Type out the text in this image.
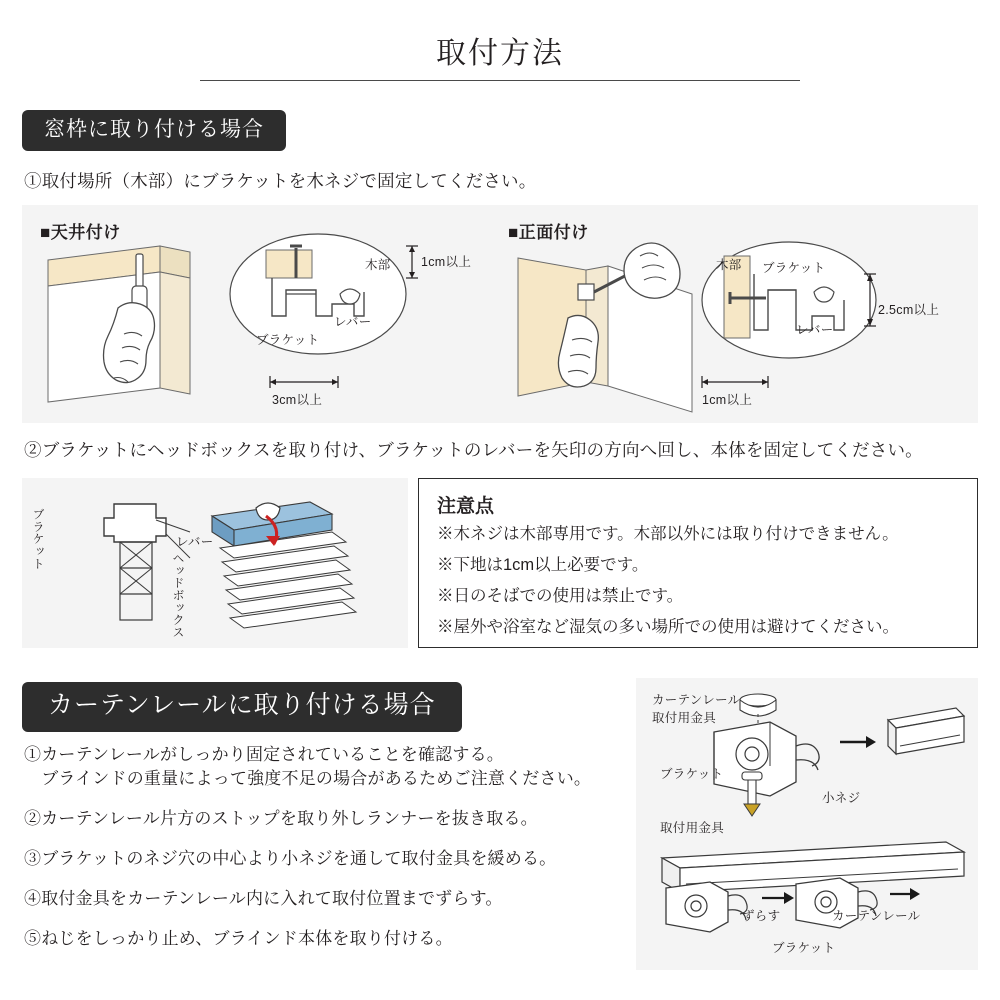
取付方法
窓枠に取り付ける場合
①取付場所（木部）にブラケットを木ネジで固定してください。
■天井付け	■正面付け
木部
ブラケット
レバー
1cm以上
3cm以上
木部 ブラケット
レバー
2.5cm以上
1cm以上
②ブラケットにヘッドボックスを取り付け、ブラケットのレバーを矢印の方向へ回し、本体を固定してください。
ブラケット	レバー
ヘッドボックス
注意点
※木ネジは木部専用です。木部以外には取り付けできません。
※下地は1cm以上必要です。
※日のそばでの使用は禁止です。
※屋外や浴室など湿気の多い場所での使用は避けてください。
カーテンレールに取り付ける場合
①カーテンレールがしっかり固定されていることを確認する。
　ブラインドの重量によって強度不足の場合があるためご注意ください。
②カーテンレール片方のストップを取り外しランナーを抜き取る。
③ブラケットのネジ穴の中心より小ネジを通して取付金具を緩める。
④取付金具をカーテンレール内に入れて取付位置までずらす。
⑤ねじをしっかり止め、ブラインド本体を取り付ける。
カーテンレール
取付用金具
ブラケット
小ネジ
取付用金具
ずらす	カーテンレール
ブラケット
